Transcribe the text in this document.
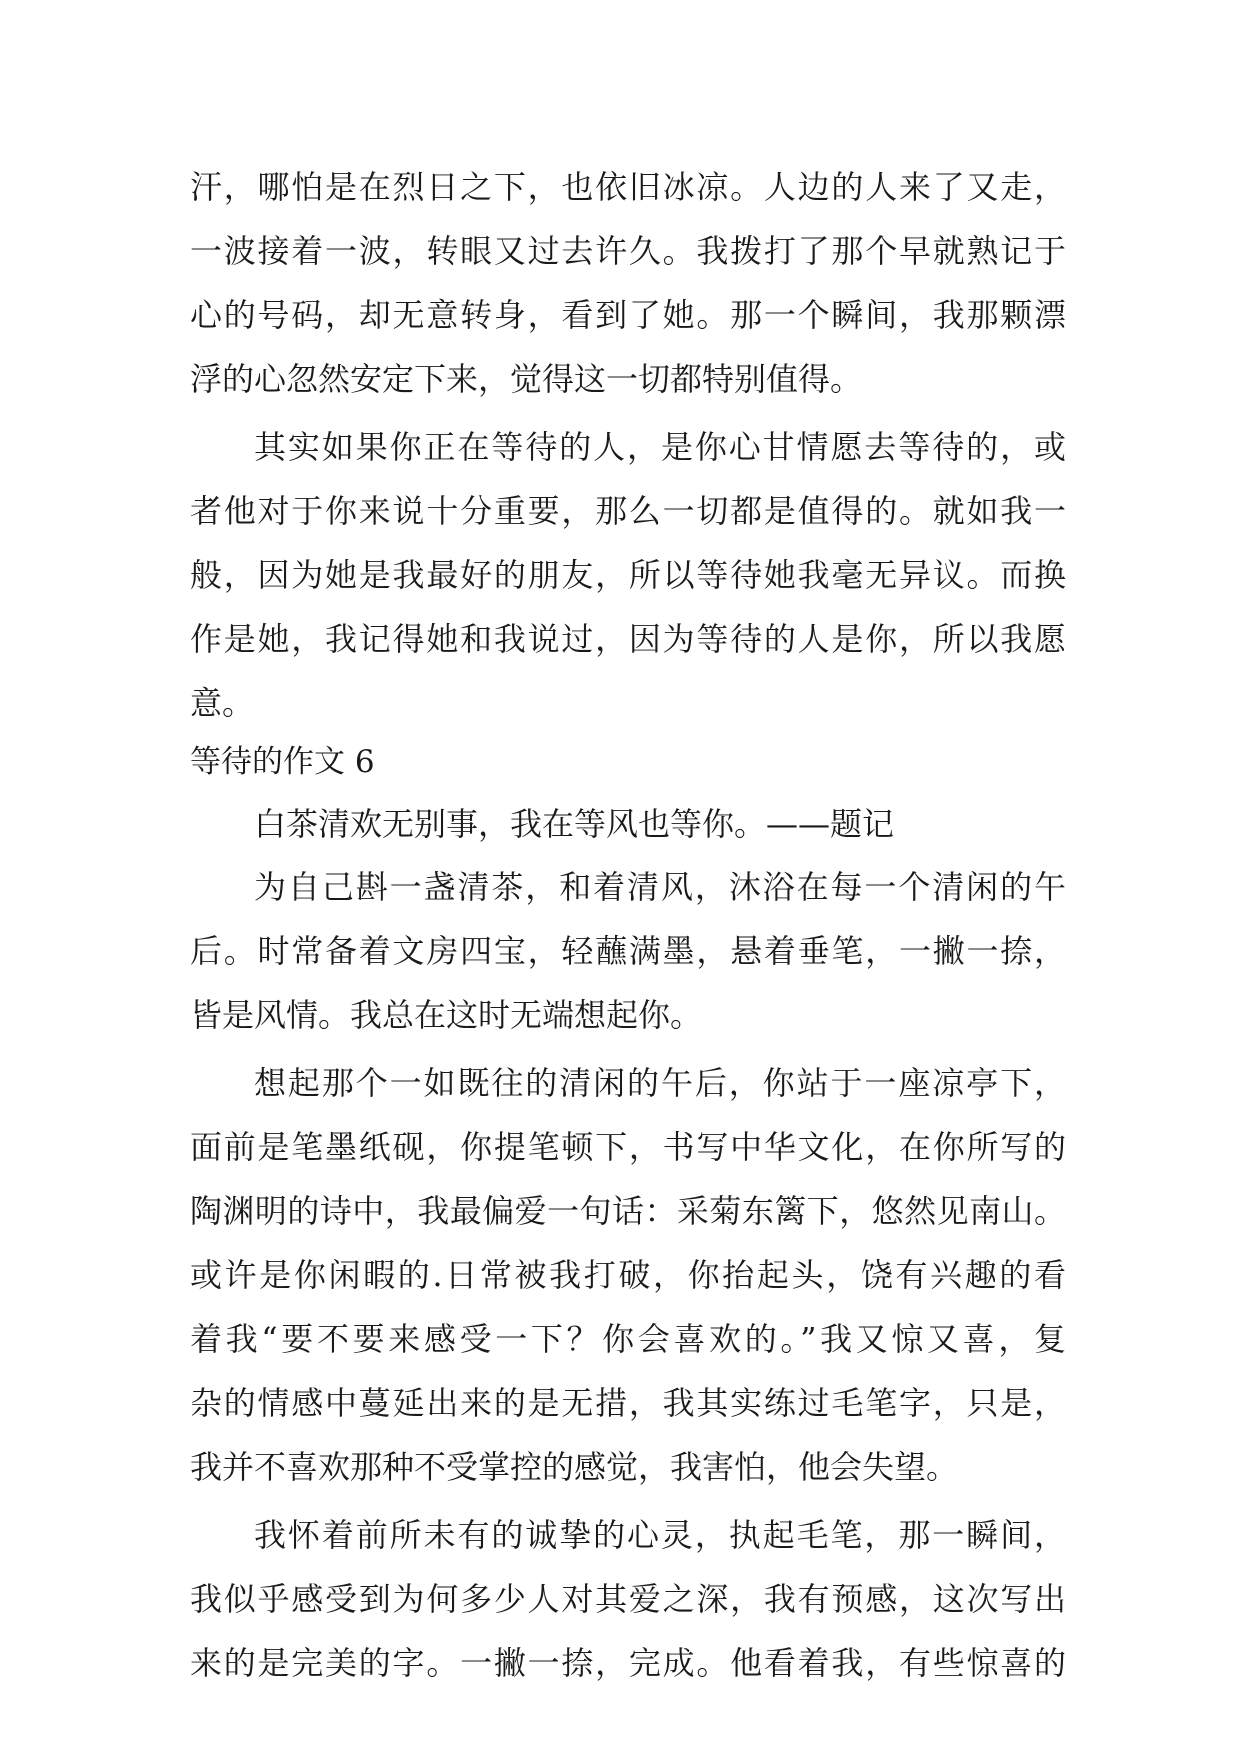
汗，哪怕是在烈日之下，也依旧冰凉。人边的人来了又走，
一波接着一波，转眼又过去许久。我拨打了那个早就熟记于
心的号码，却无意转身，看到了她。那一个瞬间，我那颗漂
浮的心忽然安定下来，觉得这一切都特别值得。
其实如果你正在等待的人，是你心甘情愿去等待的，或
者他对于你来说十分重要，那么一切都是值得的。就如我一
般，因为她是我最好的朋友，所以等待她我毫无异议。而换
作是她，我记得她和我说过，因为等待的人是你，所以我愿
意。
等待的作文 6
白茶清欢无别事，我在等风也等你。——题记
为自己斟一盏清茶，和着清风，沐浴在每一个清闲的午
后。时常备着文房四宝，轻蘸满墨，悬着垂笔，一撇一捺，
皆是风情。我总在这时无端想起你。
想起那个一如既往的清闲的午后，你站于一座凉亭下，
面前是笔墨纸砚，你提笔顿下，书写中华文化，在你所写的
陶渊明的诗中，我最偏爱一句话：采菊东篱下，悠然见南山。
或许是你闲暇的.日常被我打破，你抬起头，饶有兴趣的看
着我“要不要来感受一下？你会喜欢的。”我又惊又喜，复
杂的情感中蔓延出来的是无措，我其实练过毛笔字，只是，
我并不喜欢那种不受掌控的感觉，我害怕，他会失望。
我怀着前所未有的诚挚的心灵，执起毛笔，那一瞬间，
我似乎感受到为何多少人对其爱之深，我有预感，这次写出
来的是完美的字。一撇一捺，完成。他看着我，有些惊喜的
